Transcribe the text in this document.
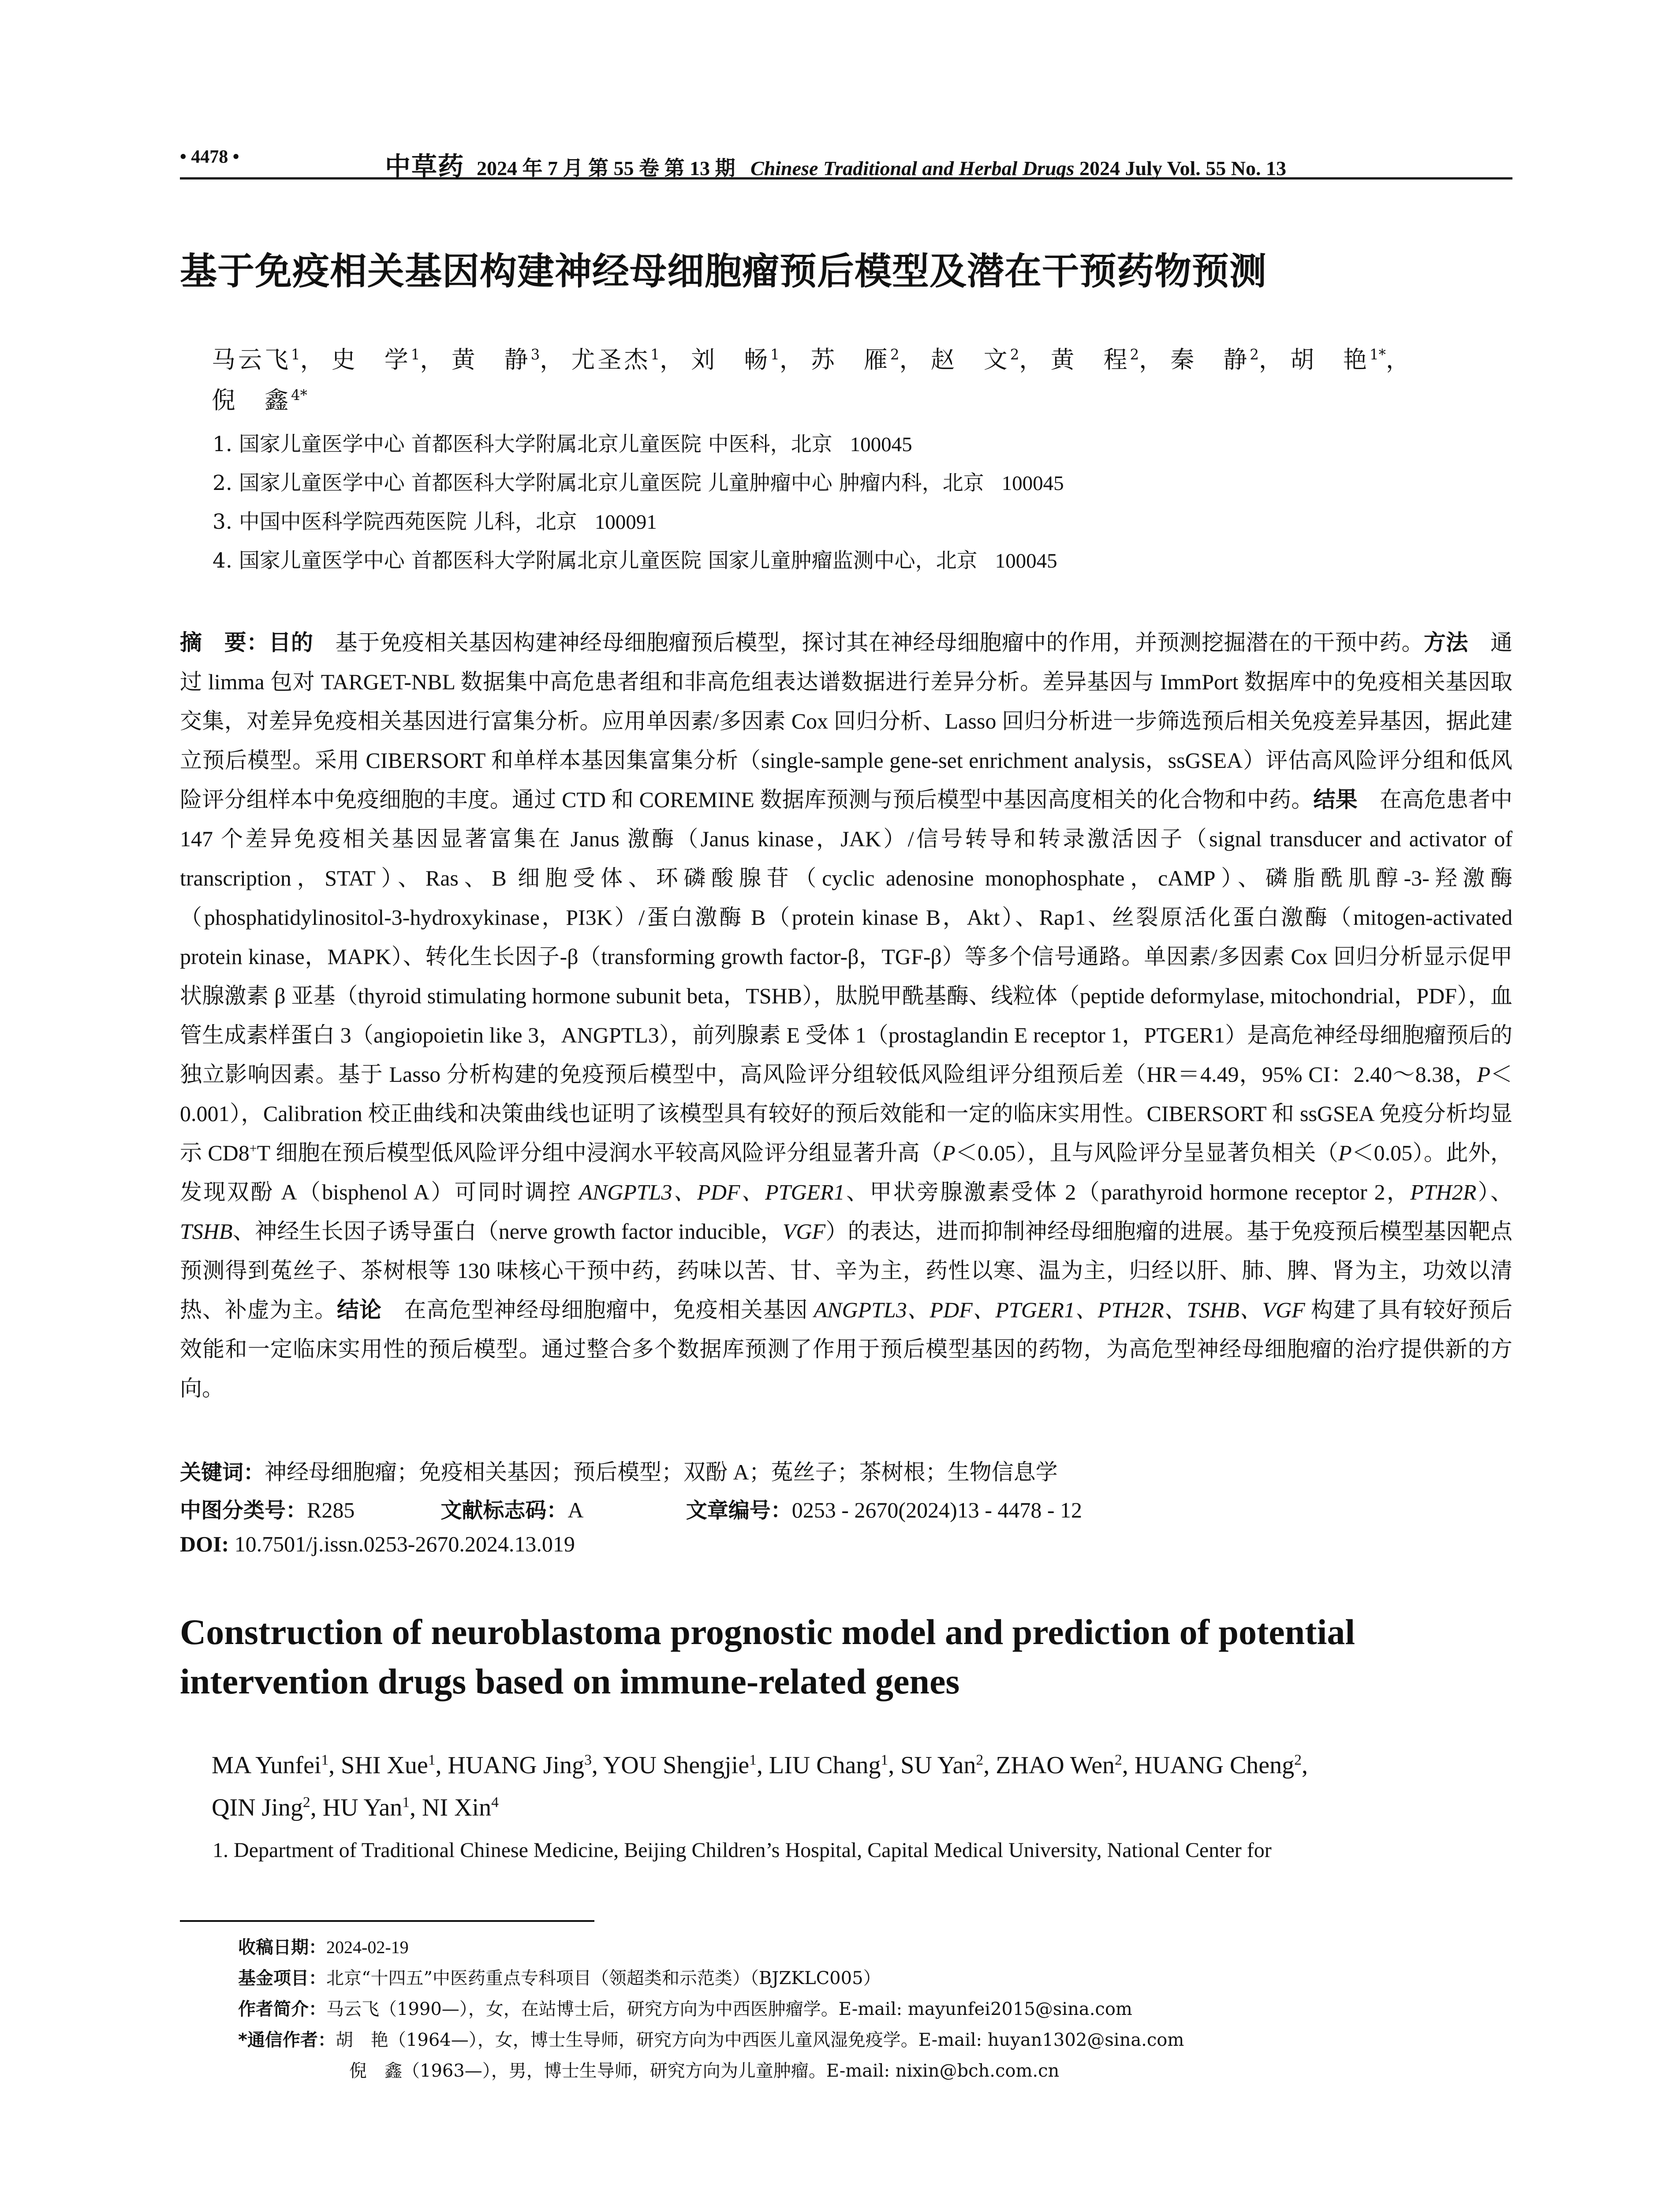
• 4478 •	中草药 2024 年 7 月 第 55 卷 第 13 期 Chinese Traditional and Herbal Drugs 2024 July Vol. 55 No. 13
基于免疫相关基因构建神经母细胞瘤预后模型及潜在干预药物预测
马云飞$^1$， 史　学$^1$， 黄　静$^3$， 尤圣杰$^1$， 刘　畅$^1$， 苏　雁$^2$， 赵　文$^2$， 黄　程$^2$， 秦　静$^2$， 胡　艳$^{1*}$，
倪　鑫$^{4*}$
1. 国家儿童医学中心 首都医科大学附属北京儿童医院 中医科，北京 100045
2. 国家儿童医学中心 首都医科大学附属北京儿童医院 儿童肿瘤中心 肿瘤内科，北京 100045
3. 中国中医科学院西苑医院 儿科，北京 100091
4. 国家儿童医学中心 首都医科大学附属北京儿童医院 国家儿童肿瘤监测中心，北京 100045
摘　要：目的　 基于免疫相关基因构建神经母细胞瘤预后模型，探讨其在神经母细胞瘤中的作用，并预测挖掘潜在的干预中药。方法　 通过 limma 包对 TARGET-NBL 数据集中高危患者组和非高危组表达谱数据进行差异分析。差异基因与 ImmPort 数据库中的免疫相关基因取交集，对差异免疫相关基因进行富集分析。应用单因素/多因素 Cox 回归分析、Lasso 回归分析进一步筛选预后相关免疫差异基因，据此建立预后模型。采用 CIBERSORT 和单样本基因集富集分析（single-sample gene-set enrichment analysis，ssGSEA）评估高风险评分组和低风险评分组样本中免疫细胞的丰度。通过 CTD 和 COREMINE 数据库预测与预后模型中基因高度相关的化合物和中药。结果　 在高危患者中 147 个差异免疫相关基因显著富集在 Janus 激酶（Janus kinase，JAK）/信号转导和转录激活因子（signal transducer and activator of transcription，STAT）、Ras、B 细胞受体、环磷酸腺苷（cyclic adenosine monophosphate，cAMP）、磷脂酰肌醇-3-羟激酶（phosphatidylinositol-3-hydroxykinase，PI3K）/蛋白激酶 B（protein kinase B，Akt）、Rap1、丝裂原活化蛋白激酶（mitogen-activated protein kinase，MAPK）、转化生长因子-β（transforming growth factor-β，TGF-β）等多个信号通路。单因素/多因素 Cox 回归分析显示促甲状腺激素 β 亚基（thyroid stimulating hormone subunit beta，TSHB），肽脱甲酰基酶、线粒体（peptide deformylase, mitochondrial，PDF），血管生成素样蛋白 3（angiopoietin like 3，ANGPTL3），前列腺素 E 受体 1（prostaglandin E receptor 1，PTGER1）是高危神经母细胞瘤预后的独立影响因素。基于 Lasso 分析构建的免疫预后模型中，高风险评分组较低风险组评分组预后差（HR＝4.49，95% CI：2.40～8.38，P＜0.001），Calibration 校正曲线和决策曲线也证明了该模型具有较好的预后效能和一定的临床实用性。CIBERSORT 和 ssGSEA 免疫分析均显示 CD8+T 细胞在预后模型低风险评分组中浸润水平较高风险评分组显著升高（P＜0.05），且与风险评分呈显著负相关（P＜0.05）。此外，发现双酚 A（bisphenol A）可同时调控 ANGPTL3、PDF、PTGER1、甲状旁腺激素受体 2（parathyroid hormone receptor 2，PTH2R）、TSHB、神经生长因子诱导蛋白（nerve growth factor inducible，VGF）的表达，进而抑制神经母细胞瘤的进展。基于免疫预后模型基因靶点预测得到菟丝子、茶树根等 130 味核心干预中药，药味以苦、甘、辛为主，药性以寒、温为主，归经以肝、肺、脾、肾为主，功效以清热、补虚为主。结论　 在高危型神经母细胞瘤中，免疫相关基因 ANGPTL3、PDF、PTGER1、PTH2R、TSHB、VGF 构建了具有较好预后效能和一定临床实用性的预后模型。通过整合多个数据库预测了作用于预后模型基因的药物，为高危型神经母细胞瘤的治疗提供新的方向。
关键词：神经母细胞瘤；免疫相关基因；预后模型；双酚 A；菟丝子；茶树根；生物信息学
中图分类号：R285	文献标志码：A	文章编号：0253 - 2670(2024)13 - 4478 - 12
DOI: 10.7501/j.issn.0253-2670.2024.13.019
Construction of neuroblastoma prognostic model and prediction of potential intervention drugs based on immune-related genes
MA Yunfei$^1$, SHI Xue$^1$, HUANG Jing$^3$, YOU Shengjie$^1$, LIU Chang$^1$, SU Yan$^2$, ZHAO Wen$^2$, HUANG Cheng$^2$,
QIN Jing$^2$, HU Yan$^1$, NI Xin$^4$
1. Department of Traditional Chinese Medicine, Beijing Children’s Hospital, Capital Medical University, National Center for
收稿日期：2024-02-19
基金项目：北京“十四五”中医药重点专科项目（领超类和示范类）（BJZKLC005）
作者简介：马云飞（1990—），女，在站博士后，研究方向为中西医肿瘤学。E-mail: mayunfei2015@sina.com
*通信作者：胡　艳（1964—），女，博士生导师，研究方向为中西医儿童风湿免疫学。E-mail: huyan1302@sina.com
倪　鑫（1963—），男，博士生导师，研究方向为儿童肿瘤。E-mail: nixin@bch.com.cn
